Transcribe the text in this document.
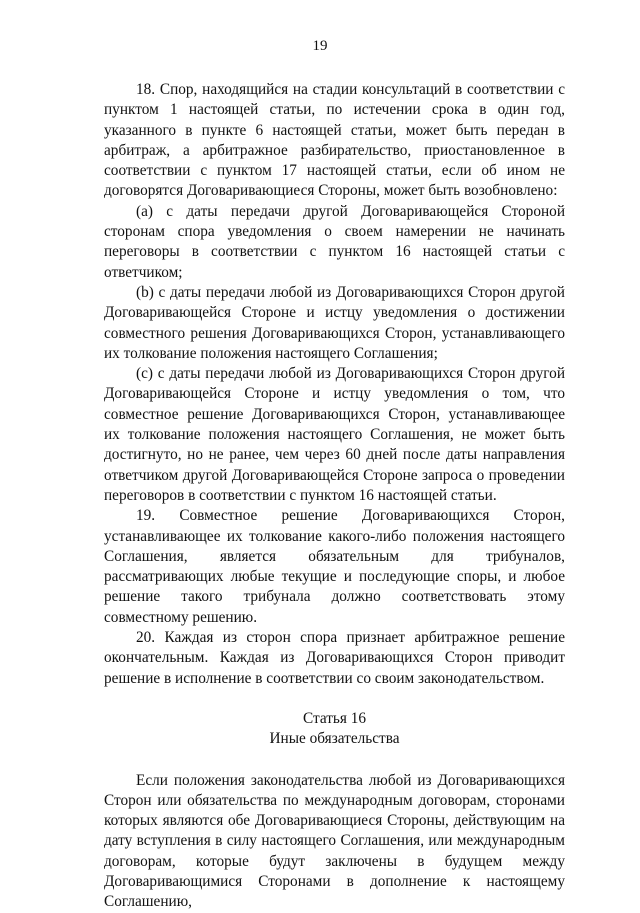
19

18. Спор, находящийся на стадии консультаций в соответствии с пунктом 1 настоящей статьи, по истечении срока в один год, указанного в пункте 6 настоящей статьи, может быть передан в арбитраж, а арбитражное разбирательство, приостановленное в соответствии с пунктом 17 настоящей статьи, если об ином не договорятся Договаривающиеся Стороны, может быть возобновлено:

(a) с даты передачи другой Договаривающейся Стороной сторонам спора уведомления о своем намерении не начинать переговоры в соответствии с пунктом 16 настоящей статьи с ответчиком;

(b) с даты передачи любой из Договаривающихся Сторон другой Договаривающейся Стороне и истцу уведомления о достижении совместного решения Договаривающихся Сторон, устанавливающего их толкование положения настоящего Соглашения;

(c) с даты передачи любой из Договаривающихся Сторон другой Договаривающейся Стороне и истцу уведомления о том, что совместное решение Договаривающихся Сторон, устанавливающее их толкование положения настоящего Соглашения, не может быть достигнуто, но не ранее, чем через 60 дней после даты направления ответчиком другой Договаривающейся Стороне запроса о проведении переговоров в соответствии с пунктом 16 настоящей статьи.

19. Совместное решение Договаривающихся Сторон, устанавливающее их толкование какого-либо положения настоящего Соглашения, является обязательным для трибуналов, рассматривающих любые текущие и последующие споры, и любое решение такого трибунала должно соответствовать этому совместному решению.

20. Каждая из сторон спора признает арбитражное решение окончательным. Каждая из Договаривающихся Сторон приводит решение в исполнение в соответствии со своим законодательством.

Статья 16

Иные обязательства

Если положения законодательства любой из Договаривающихся Сторон или обязательства по международным договорам, сторонами которых являются обе Договаривающиеся Стороны, действующим на дату вступления в силу настоящего Соглашения, или международным договорам, которые будут заключены в будущем между Договаривающимися Сторонами в дополнение к настоящему Соглашению,
